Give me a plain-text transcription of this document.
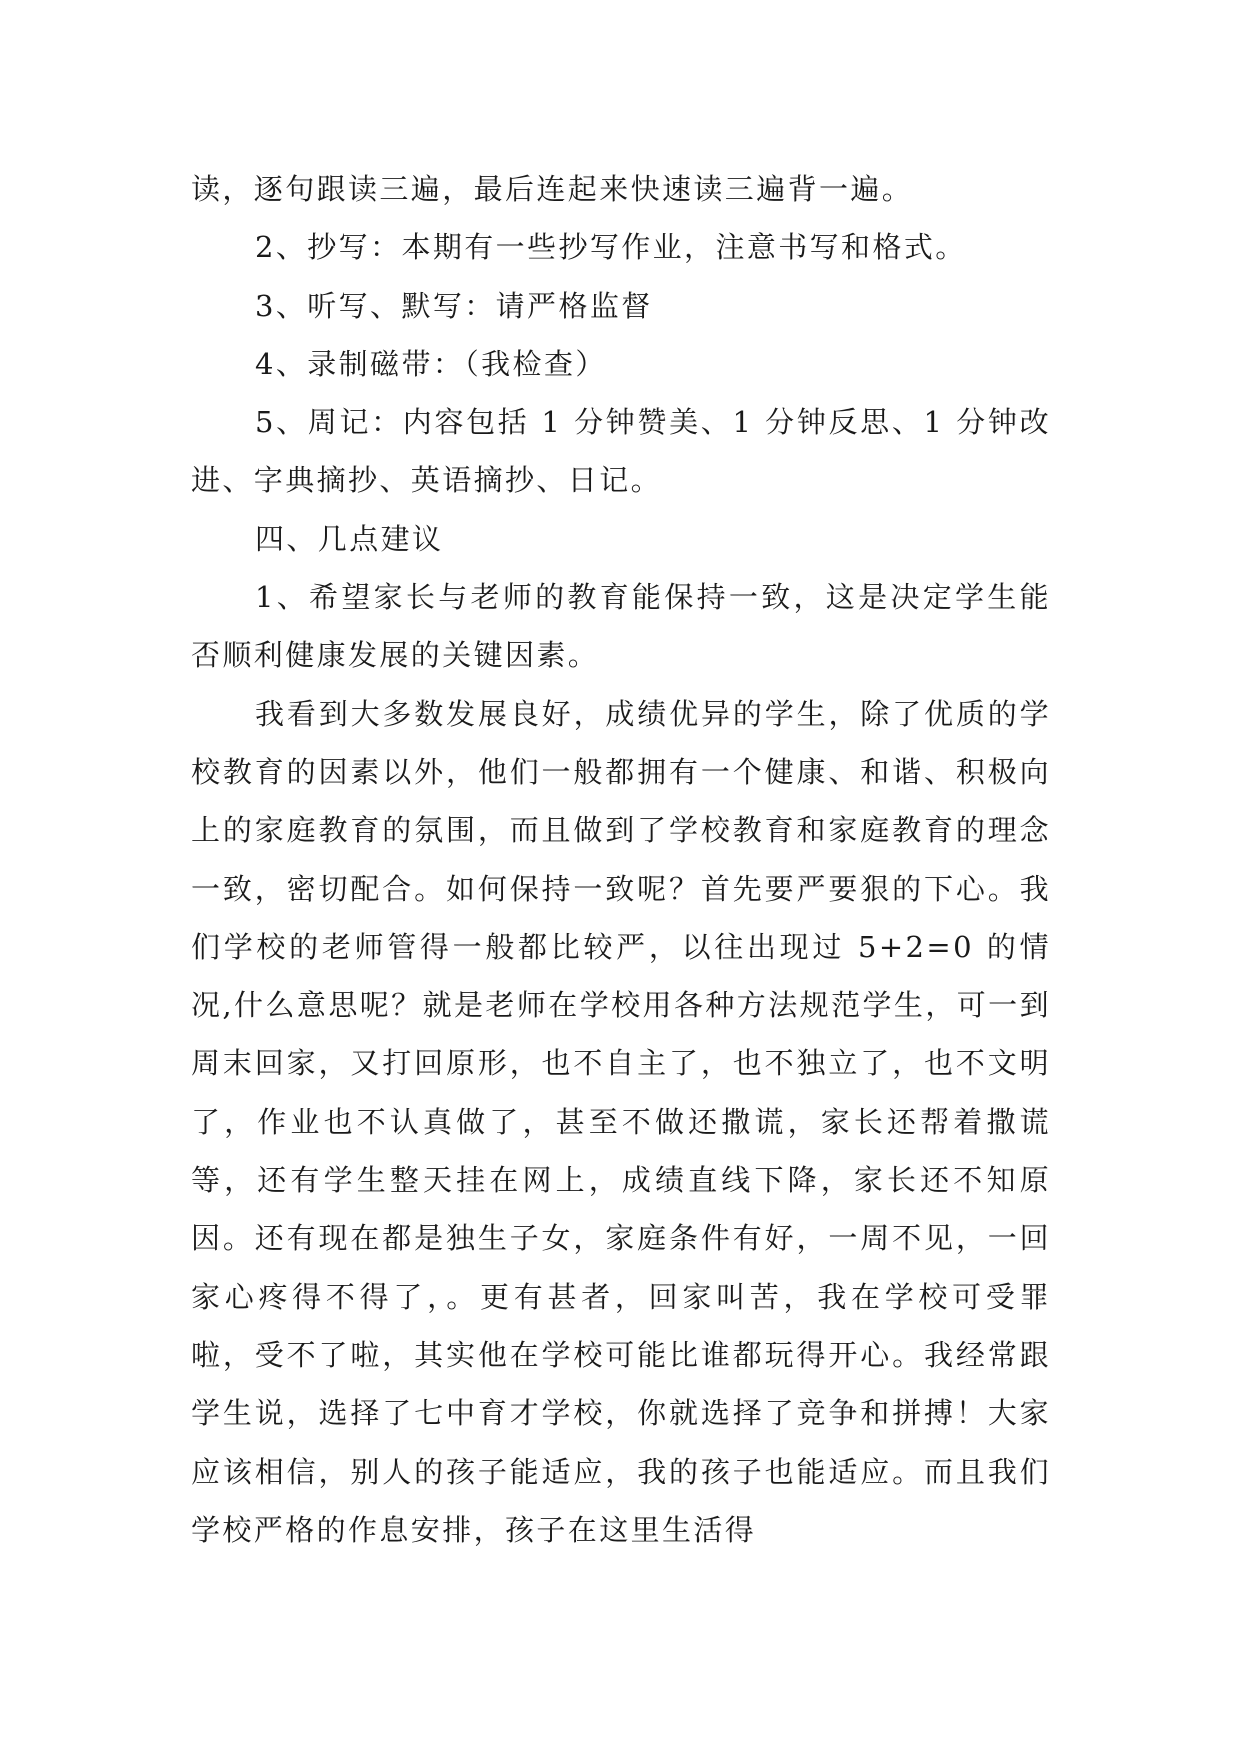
读，逐句跟读三遍，最后连起来快速读三遍背一遍。

2、抄写：本期有一些抄写作业，注意书写和格式。

3、听写、默写：请严格监督

4、录制磁带：（我检查）

5、周记：内容包括 1 分钟赞美、1 分钟反思、1 分钟改进、字典摘抄、英语摘抄、日记。

四、几点建议

1、希望家长与老师的教育能保持一致，这是决定学生能否顺利健康发展的关键因素。

我看到大多数发展良好，成绩优异的学生，除了优质的学校教育的因素以外，他们一般都拥有一个健康、和谐、积极向上的家庭教育的氛围，而且做到了学校教育和家庭教育的理念一致，密切配合。如何保持一致呢？首先要严要狠的下心。我们学校的老师管得一般都比较严，以往出现过 5+2=0 的情况,什么意思呢？就是老师在学校用各种方法规范学生，可一到周末回家，又打回原形，也不自主了，也不独立了，也不文明了，作业也不认真做了，甚至不做还撒谎，家长还帮着撒谎等，还有学生整天挂在网上，成绩直线下降，家长还不知原因。还有现在都是独生子女，家庭条件有好，一周不见，一回家心疼得不得了，。更有甚者，回家叫苦，我在学校可受罪啦，受不了啦，其实他在学校可能比谁都玩得开心。我经常跟学生说，选择了七中育才学校，你就选择了竞争和拼搏！大家应该相信，别人的孩子能适应，我的孩子也能适应。而且我们学校严格的作息安排，孩子在这里生活得
